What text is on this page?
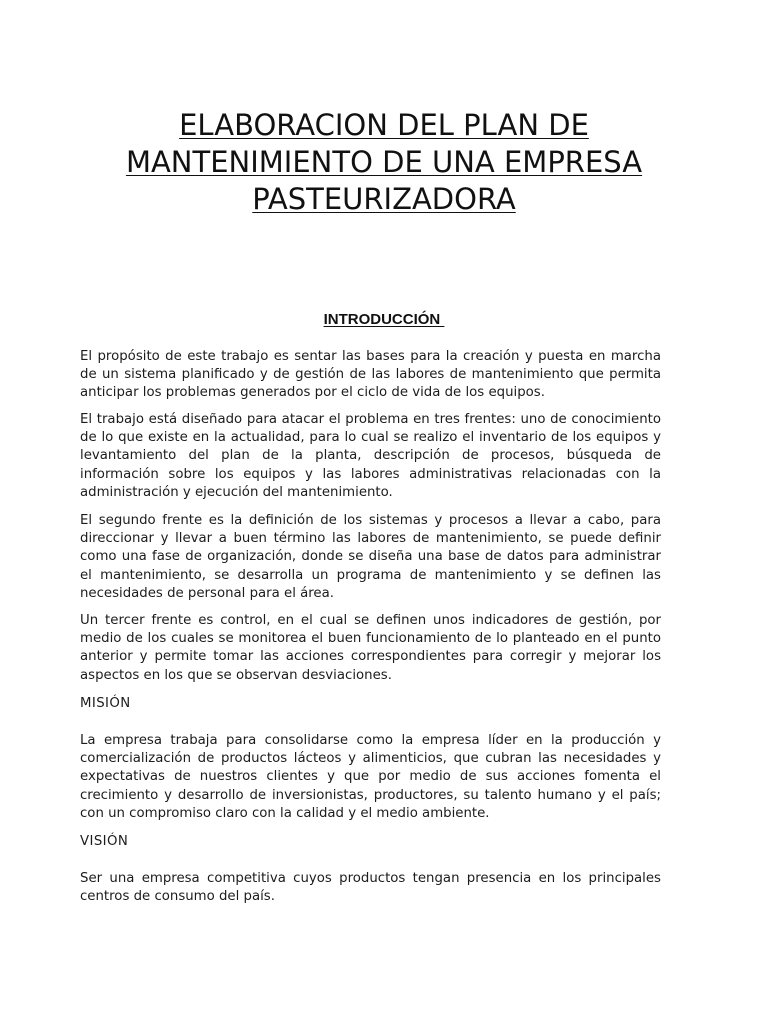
ELABORACION DEL PLAN DE
MANTENIMIENTO DE UNA EMPRESA
PASTEURIZADORA
INTRODUCCIÓN

El propósito de este trabajo es sentar las bases para la creación y puesta en marcha de un sistema planificado y de gestión de las labores de mantenimiento que permita anticipar los problemas generados por el ciclo de vida de los equipos.

El trabajo está diseñado para atacar el problema en tres frentes: uno de conocimiento de lo que existe en la actualidad, para lo cual se realizo el inventario de los equipos y levantamiento del plan de la planta, descripción de procesos, búsqueda de información sobre los equipos y las labores administrativas relacionadas con la administración y ejecución del mantenimiento.

El segundo frente es la definición de los sistemas y procesos a llevar a cabo, para direccionar y llevar a buen término las labores de mantenimiento, se puede definir como una fase de organización, donde se diseña una base de datos para administrar el mantenimiento, se desarrolla un programa de mantenimiento y se definen las necesidades de personal para el área.

Un tercer frente es control, en el cual se definen unos indicadores de gestión, por medio de los cuales se monitorea el buen funcionamiento de lo planteado en el punto anterior y permite tomar las acciones correspondientes para corregir y mejorar los aspectos en los que se observan desviaciones.

MISIÓN

La empresa trabaja para consolidarse como la empresa líder en la producción y comercialización de productos lácteos y alimenticios, que cubran las necesidades y expectativas de nuestros clientes y que por medio de sus acciones fomenta el crecimiento y desarrollo de inversionistas, productores, su talento humano y el país; con un compromiso claro con la calidad y el medio ambiente.

VISIÓN

Ser una empresa competitiva cuyos productos tengan presencia en los principales centros de consumo del país.
